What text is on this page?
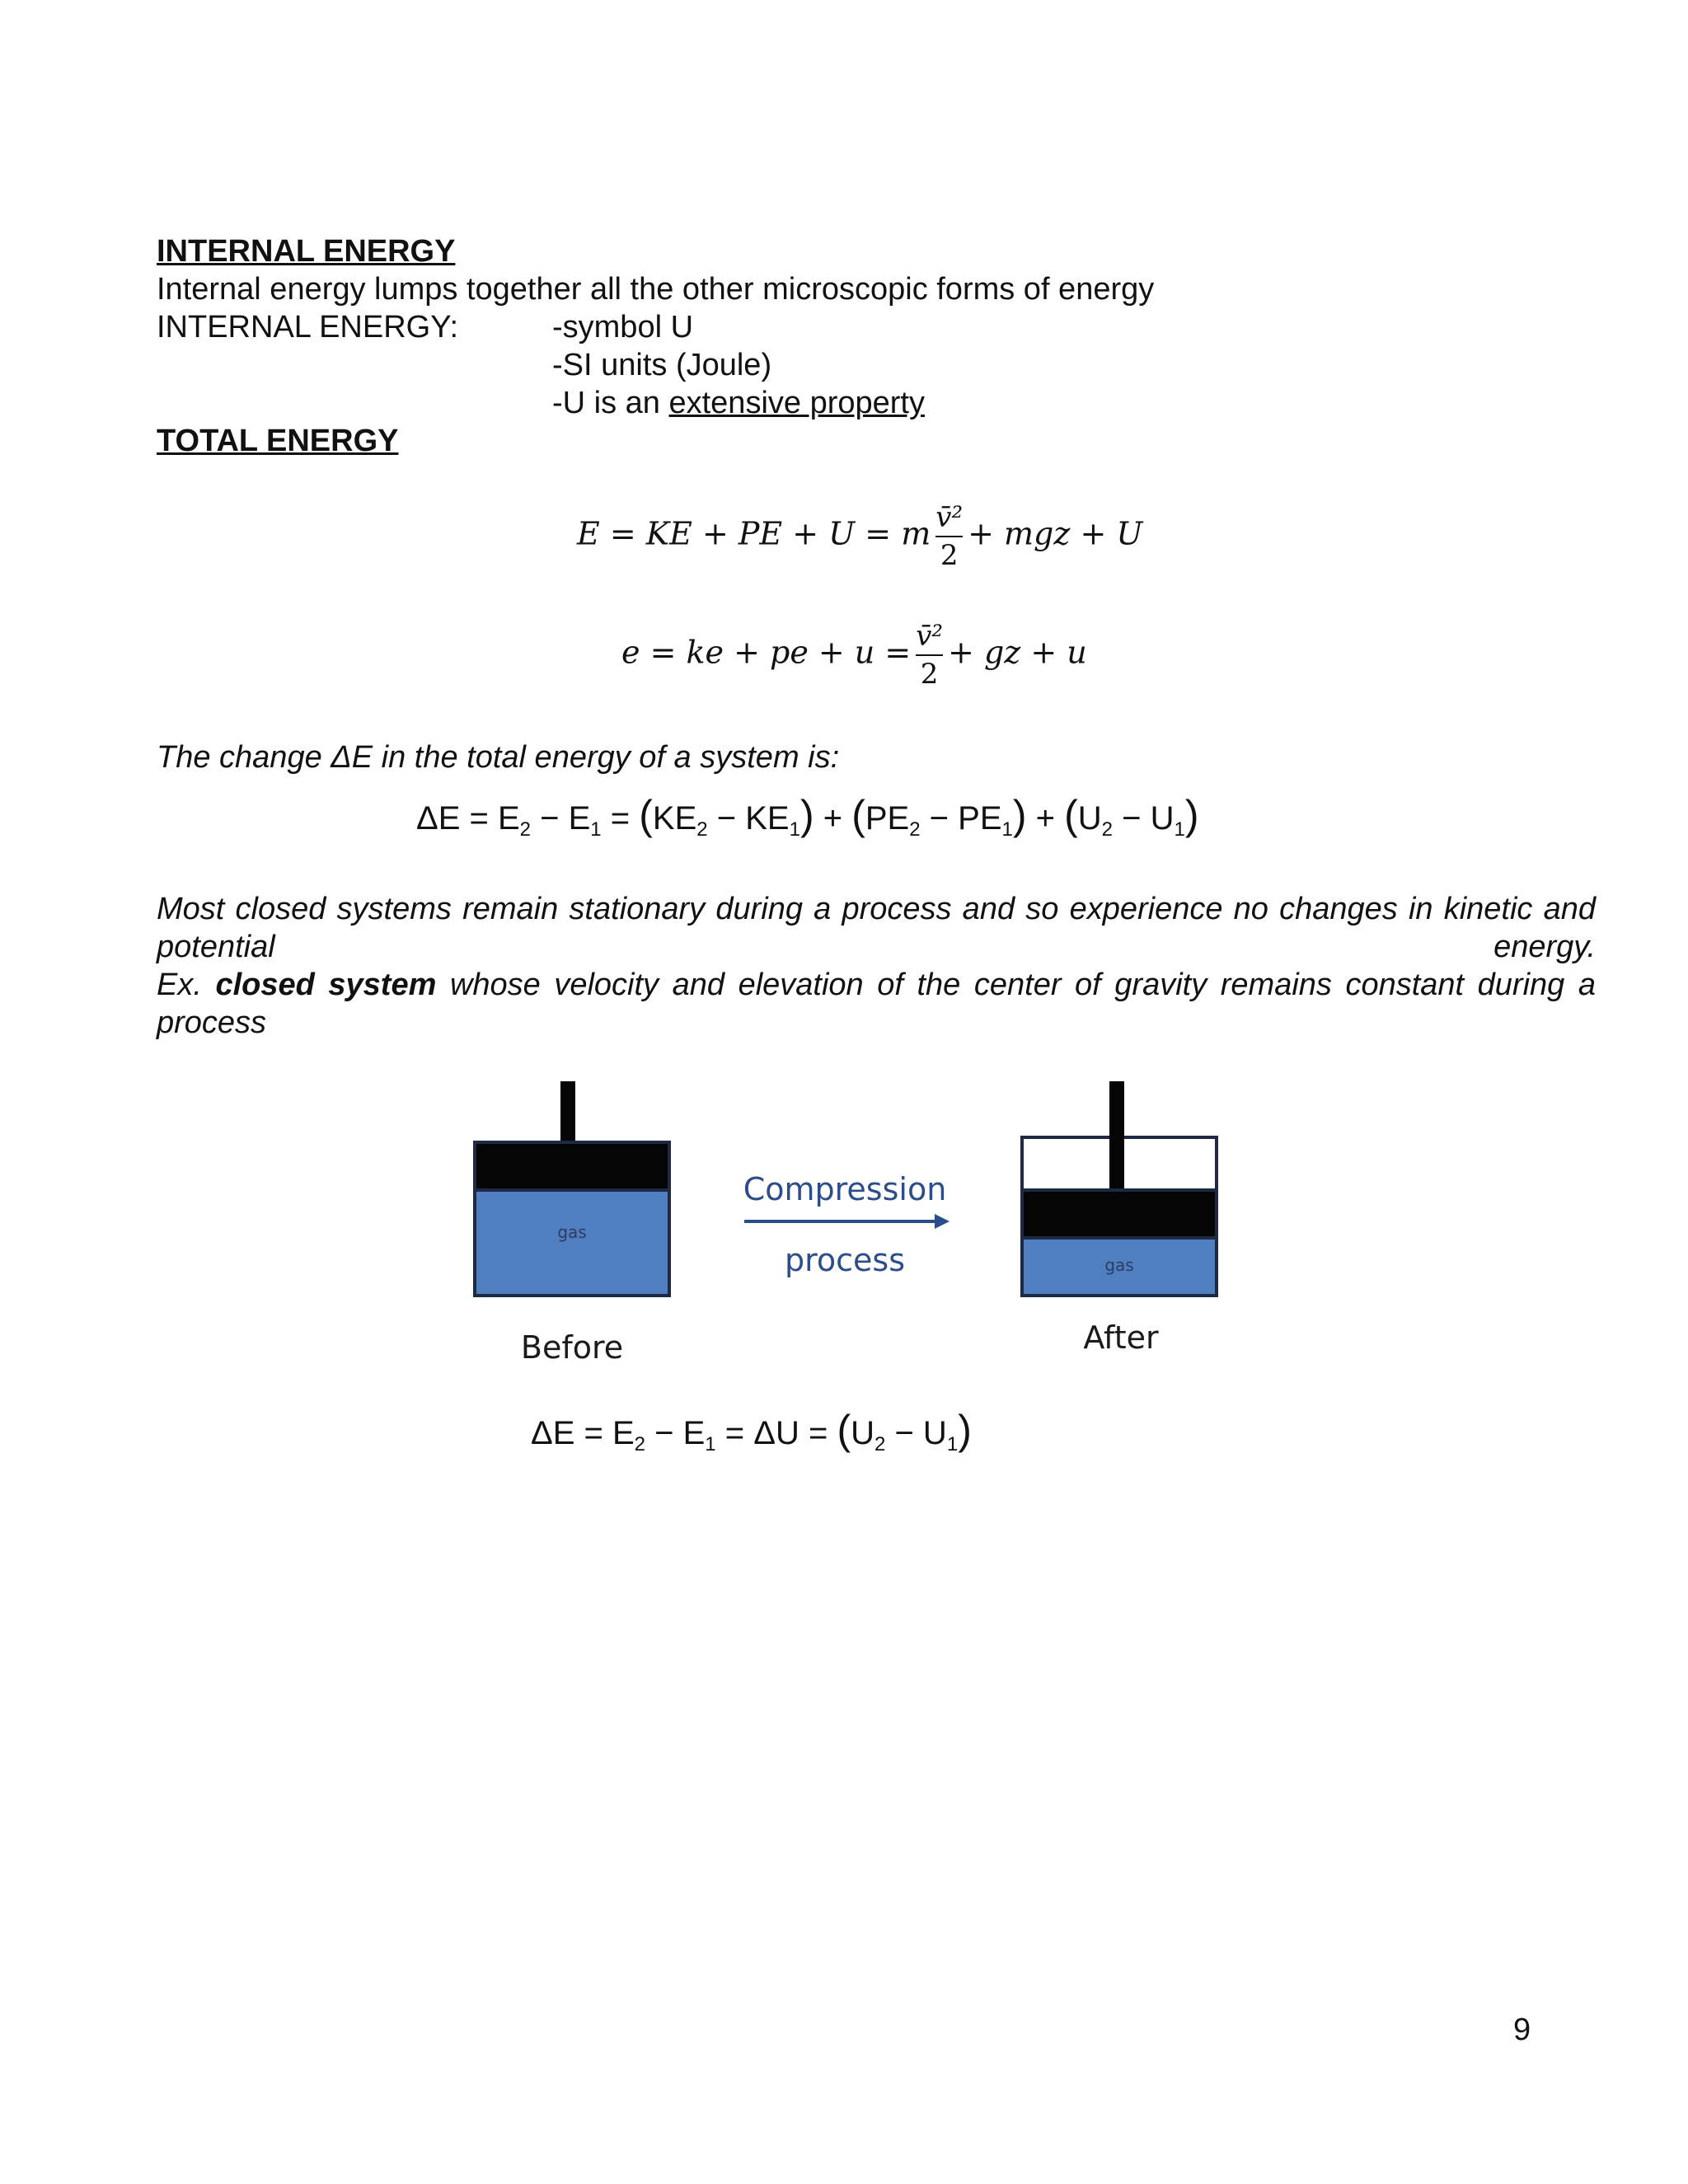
INTERNAL ENERGY
Internal energy lumps together all the other microscopic forms of energy
INTERNAL ENERGY:	-symbol U
-SI units (Joule)
-U is an extensive property
TOTAL ENERGY
E = KE + PE + U = m $\frac{\text{v̄²}}{2}$ + mgz + U
e = ke + pe + $u = \frac{\text{v̄²}}{2}$ + gz + u
The change ΔE in the total energy of a system is:
$\Delta E = E_2 - E_1 = (KE_2 - KE_1) + (PE_2 - PE_1) + (U_2 - U_1)$
Most closed systems remain stationary during a process and so experience no changes in kinetic and potential energy.
Ex. closed system whose velocity and elevation of the center of gravity remains constant during a process
gas
Compression
process	gas
Before	After
$\Delta E = E_2 - E_1 = \Delta U = (U_2 - U_1)$
9
